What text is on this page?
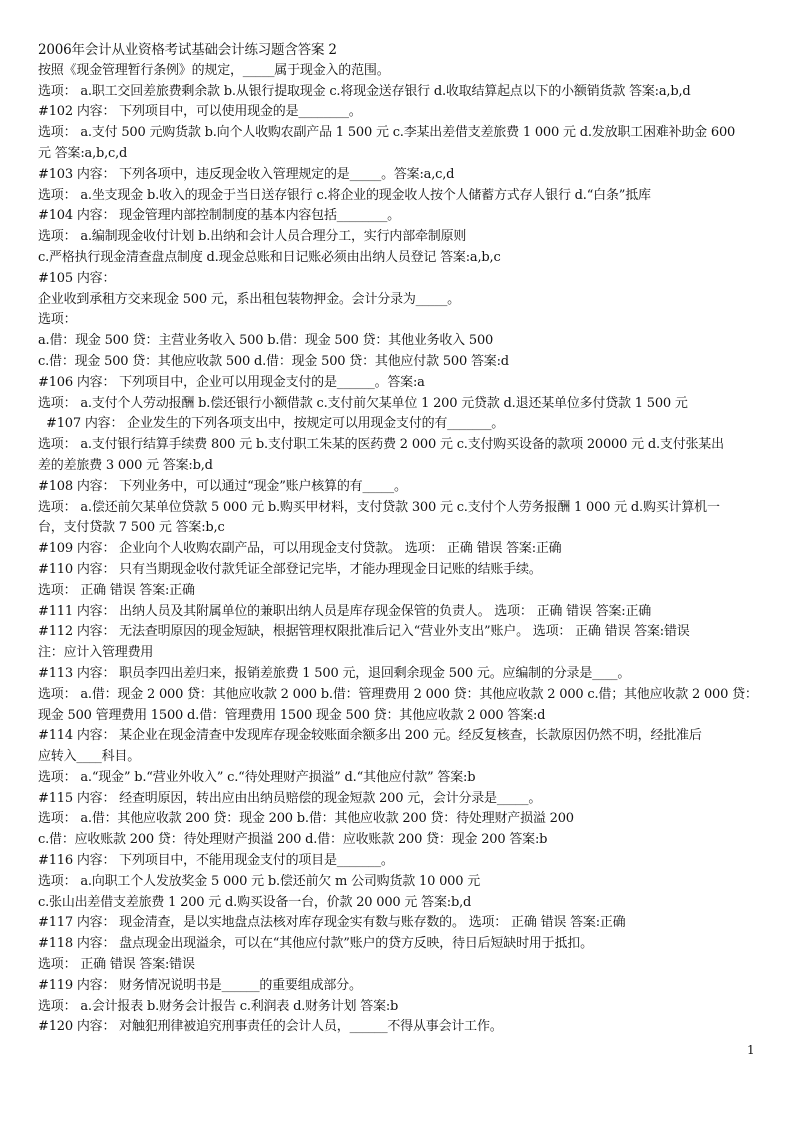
2006年会计从业资格考试基础会计练习题含答案 2
按照《现金管理暂行条例》的规定，_____属于现金入的范围。
选项： a.职工交回差旅费剩余款 b.从银行提取现金 c.将现金送存银行 d.收取结算起点以下的小额销货款 答案:a,b,d
#102 内容： 下列项目中，可以使用现金的是________。
选项： a.支付 500 元购货款 b.向个人收购农副产品 1 500 元 c.李某出差借支差旅费 1 000 元 d.发放职工困难补助金 600
元 答案:a,b,c,d
#103 内容： 下列各项中，违反现金收入管理规定的是_____。答案:a,c,d
选项： a.坐支现金 b.收入的现金于当日送存银行 c.将企业的现金收人按个人储蓄方式存人银行 d.“白条”抵库
#104 内容： 现金管理内部控制制度的基本内容包括________。
选项： a.编制现金收付计划 b.出纳和会计人员合理分工，实行内部牵制原则
c.严格执行现金清查盘点制度 d.现金总账和日记账必须由出纳人员登记 答案:a,b,c
#105 内容：
企业收到承租方交来现金 500 元，系出租包装物押金。会计分录为_____。
选项：
a.借：现金 500 贷：主营业务收入 500 b.借：现金 500 贷：其他业务收入 500
c.借：现金 500 贷：其他应收款 500 d.借：现金 500 贷：其他应付款 500 答案:d
#106 内容： 下列项目中，企业可以用现金支付的是______。答案:a
选项： a.支付个人劳动报酬 b.偿还银行小额借款 c.支付前欠某单位 1 200 元贷款 d.退还某单位多付贷款 1 500 元
#107 内容： 企业发生的下列各项支出中，按规定可以用现金支付的有_______。
选项： a.支付银行结算手续费 800 元 b.支付职工朱某的医药费 2 000 元 c.支付购买设备的款项 20000 元 d.支付张某出
差的差旅费 3 000 元 答案:b,d
#108 内容： 下列业务中，可以通过“现金”账户核算的有_____。
选项： a.偿还前欠某单位贷款 5 000 元 b.购买甲材料，支付贷款 300 元 c.支付个人劳务报酬 1 000 元 d.购买计算机一
台，支付贷款 7 500 元 答案:b,c
#109 内容： 企业向个人收购农副产品，可以用现金支付贷款。 选项： 正确 错误 答案:正确
#110 内容： 只有当期现金收付款凭证全部登记完毕，才能办理现金日记账的结账手续。
选项： 正确 错误 答案:正确
#111 内容： 出纳人员及其附属单位的兼职出纳人员是库存现金保管的负责人。 选项： 正确 错误 答案:正确
#112 内容： 无法查明原因的现金短缺，根据管理权限批准后记入“营业外支出”账户。 选项： 正确 错误 答案:错误
注：应计入管理费用
#113 内容： 职员李四出差归来，报销差旅费 1 500 元，退回剩余现金 500 元。应编制的分录是____。
选项： a.借：现金 2 000 贷：其他应收款 2 000 b.借：管理费用 2 000 贷：其他应收款 2 000 c.借；其他应收款 2 000 贷：
现金 500 管理费用 1500 d.借：管理费用 1500 现金 500 贷：其他应收款 2 000 答案:d
#114 内容： 某企业在现金清查中发现库存现金较账面余额多出 200 元。经反复核查，长款原因仍然不明，经批准后
应转入____科目。
选项： a.“现金” b.“营业外收入” c.“待处理财产损溢” d.“其他应付款” 答案:b
#115 内容： 经查明原因，转出应由出纳员赔偿的现金短款 200 元，会计分录是_____。
选项： a.借：其他应收款 200 贷：现金 200 b.借：其他应收款 200 贷：待处理财产损溢 200
c.借：应收账款 200 贷：待处理财产损溢 200 d.借：应收账款 200 贷：现金 200 答案:b
#116 内容： 下列项目中，不能用现金支付的项目是_______。
选项： a.向职工个人发放奖金 5 000 元 b.偿还前欠 m 公司购货款 10 000 元
c.张山出差借支差旅费 1 200 元 d.购买设备一台，价款 20 000 元 答案:b,d
#117 内容： 现金清查，是以实地盘点法核对库存现金实有数与账存数的。 选项： 正确 错误 答案:正确
#118 内容： 盘点现金出现溢余，可以在“其他应付款”账户的贷方反映，待日后短缺时用于抵扣。
选项： 正确 错误 答案:错误
#119 内容： 财务情况说明书是______的重要组成部分。
选项： a.会计报表 b.财务会计报告 c.利润表 d.财务计划 答案:b
#120 内容： 对触犯刑律被追究刑事责任的会计人员，______不得从事会计工作。
1
